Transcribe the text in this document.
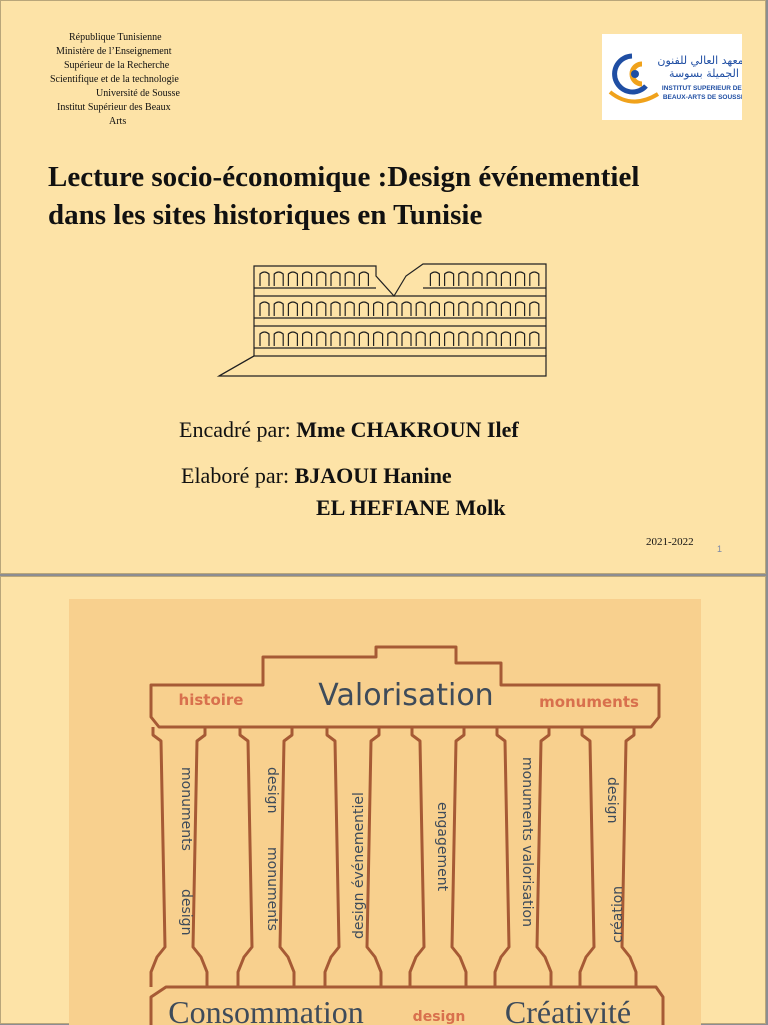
République Tunisienne
Ministère de l’Enseignement
Supérieur de la Recherche
Scientifique et de la technologie
Université de Sousse
Institut Supérieur des Beaux
Arts
المعهد العالي للفنون
الجميلة بسوسة
INSTITUT SUPERIEUR DES
BEAUX-ARTS DE SOUSSE
Lecture socio-économique :Design événementiel
dans les sites historiques en Tunisie
Encadré par: Mme CHAKROUN Ilef
Elaboré par: BJAOUI Hanine
EL HEFIANE Molk
2021-2022
1
histoire Valorisation	monuments
monuments
design
design
monuments	design événementiel	engagement	monuments valorisation	design
création
Consommation	design Créativité
